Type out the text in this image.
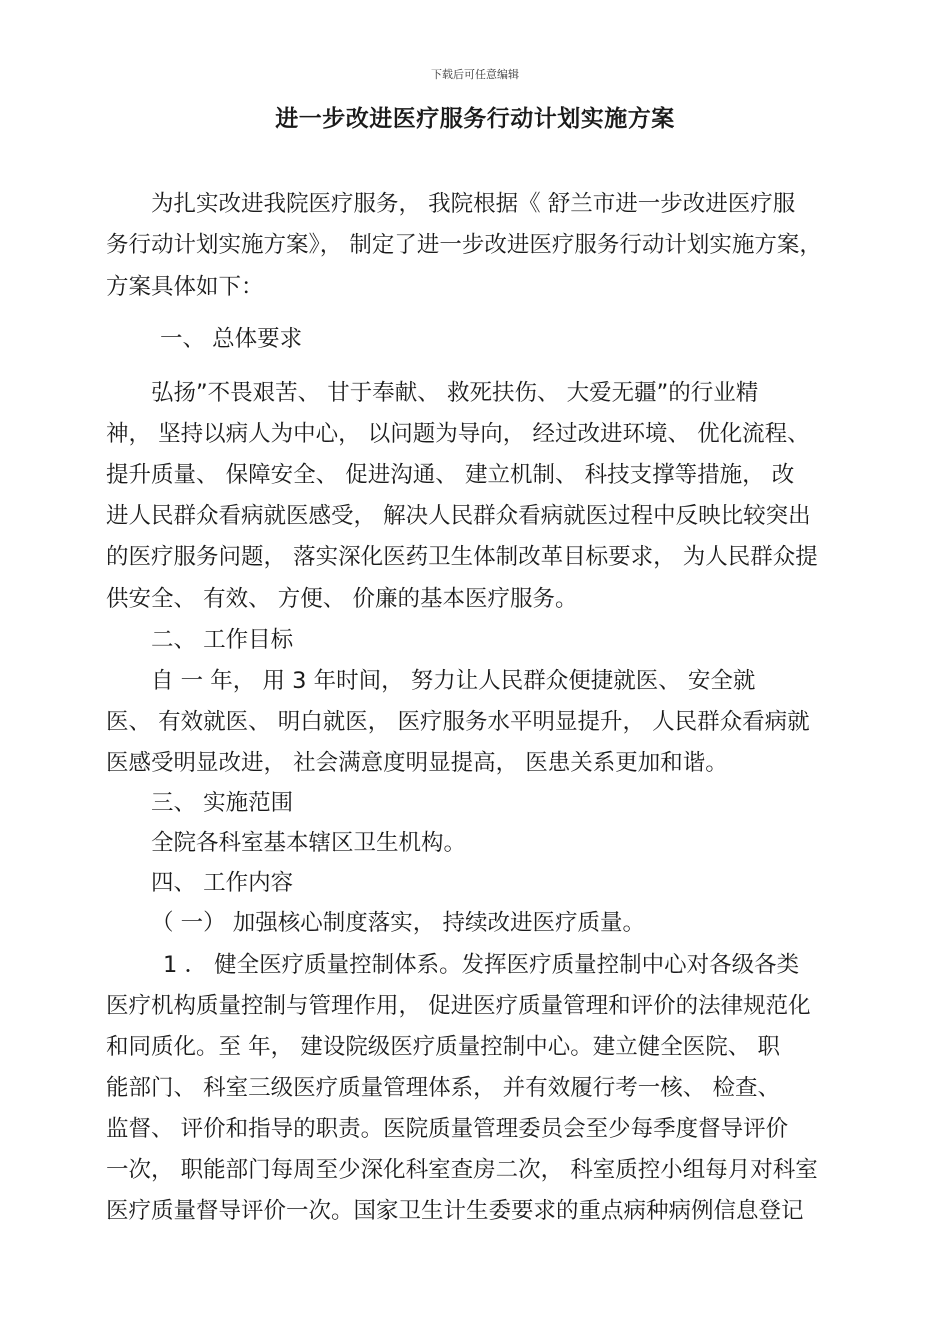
下载后可任意编辑
进一步改进医疗服务行动计划实施方案
为扎实改进我院医疗服务， 我院根据《 舒兰市进一步改进医疗服
务行动计划实施方案》， 制定了进一步改进医疗服务行动计划实施方案，
方案具体如下：
一、 总体要求
弘扬”不畏艰苦、 甘于奉献、 救死扶伤、 大爱无疆”的行业精
神， 坚持以病人为中心， 以问题为导向， 经过改进环境、 优化流程、
提升质量、 保障安全、 促进沟通、 建立机制、 科技支撑等措施， 改
进人民群众看病就医感受， 解决人民群众看病就医过程中反映比较突出
的医疗服务问题， 落实深化医药卫生体制改革目标要求， 为人民群众提
供安全、 有效、 方便、 价廉的基本医疗服务。
二、 工作目标
自 一 年， 用 3 年时间， 努力让人民群众便捷就医、 安全就
医、 有效就医、 明白就医， 医疗服务水平明显提升， 人民群众看病就
医感受明显改进， 社会满意度明显提高， 医患关系更加和谐。
三、 实施范围
全院各科室基本辖区卫生机构。
四、 工作内容
（ 一） 加强核心制度落实， 持续改进医疗质量。
1 ． 健全医疗质量控制体系。发挥医疗质量控制中心对各级各类
医疗机构质量控制与管理作用， 促进医疗质量管理和评价的法律规范化
和同质化。至 年， 建设院级医疗质量控制中心。建立健全医院、 职
能部门、 科室三级医疗质量管理体系， 并有效履行考一核、 检查、
监督、 评价和指导的职责。医院质量管理委员会至少每季度督导评价
一次， 职能部门每周至少深化科室查房二次， 科室质控小组每月对科室
医疗质量督导评价一次。国家卫生计生委要求的重点病种病例信息登记
